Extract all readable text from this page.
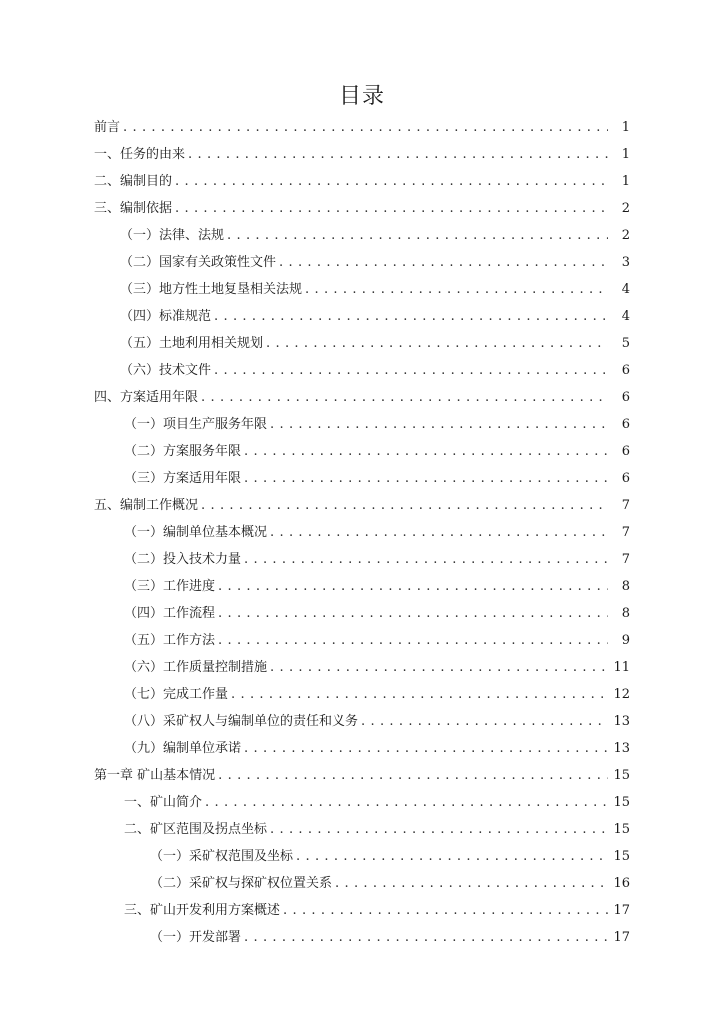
目录
前言 . . .	1
一、任务的由来 . . .	1
二、编制目的 . . .	1
三、编制依据 . . .	2
（一）法律、法规 . . .	2
（二）国家有关政策性文件 . . .	3
（三）地方性土地复垦相关法规 . . .	4
（四）标准规范 . . .	4
（五）土地利用相关规划 . . .	5
（六）技术文件 . . .	6
四、方案适用年限 . . .	6
（一）项目生产服务年限 . . .	6
（二）方案服务年限 . . .	6
（三）方案适用年限 . . .	6
五、编制工作概况 . . .	7
（一）编制单位基本概况 . . .	7
（二）投入技术力量 . . .	7
（三）工作进度 . . .	8
（四）工作流程 . . .	8
（五）工作方法 . . .	9
（六）工作质量控制措施 . . .	11
（七）完成工作量 . . .	12
（八）采矿权人与编制单位的责任和义务 . . .	13
（九）编制单位承诺 . . .	13
第一章 矿山基本情况 . . .	15
一、矿山简介 . . .	15
二、矿区范围及拐点坐标 . . .	15
（一）采矿权范围及坐标 . . .	15
（二）采矿权与探矿权位置关系 . . .	16
三、矿山开发利用方案概述 . . .	17
（一）开发部署 . . .	17
